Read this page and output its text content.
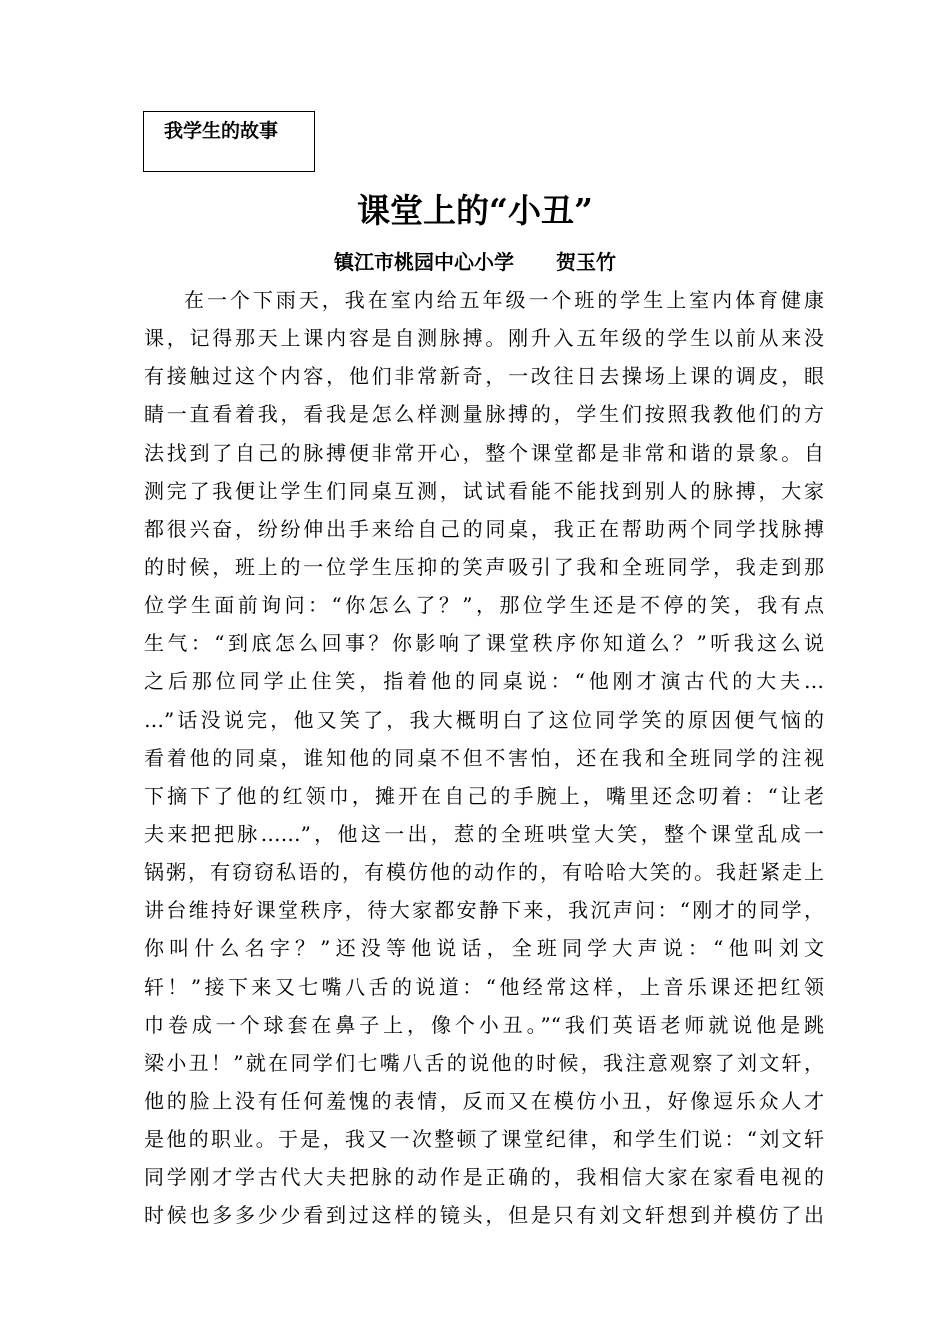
我学生的故事
课堂上的“小丑”
镇江市桃园中心小学 贺玉竹
在一个下雨天，我在室内给五年级一个班的学生上室内体育健康
课，记得那天上课内容是自测脉搏。刚升入五年级的学生以前从来没
有接触过这个内容，他们非常新奇，一改往日去操场上课的调皮，眼
睛一直看着我，看我是怎么样测量脉搏的，学生们按照我教他们的方
法找到了自己的脉搏便非常开心，整个课堂都是非常和谐的景象。自
测完了我便让学生们同桌互测，试试看能不能找到别人的脉搏，大家
都很兴奋，纷纷伸出手来给自己的同桌，我正在帮助两个同学找脉搏
的时候，班上的一位学生压抑的笑声吸引了我和全班同学，我走到那
位学生面前询问：“你怎么了？”，那位学生还是不停的笑，我有点
生气：“到底怎么回事？你影响了课堂秩序你知道么？”听我这么说
之后那位同学止住笑，指着他的同桌说：“他刚才演古代的大夫…
…”话没说完，他又笑了，我大概明白了这位同学笑的原因便气恼的
看着他的同桌，谁知他的同桌不但不害怕，还在我和全班同学的注视
下摘下了他的红领巾，摊开在自己的手腕上，嘴里还念叨着：“让老
夫来把把脉……”，他这一出，惹的全班哄堂大笑，整个课堂乱成一
锅粥，有窃窃私语的，有模仿他的动作的，有哈哈大笑的。我赶紧走上
讲台维持好课堂秩序，待大家都安静下来，我沉声问：“刚才的同学，
你叫什么名字？”还没等他说话，全班同学大声说：“他叫刘文
轩！”接下来又七嘴八舌的说道：“他经常这样，上音乐课还把红领
巾卷成一个球套在鼻子上，像个小丑。”“我们英语老师就说他是跳
梁小丑！”就在同学们七嘴八舌的说他的时候，我注意观察了刘文轩，
他的脸上没有任何羞愧的表情，反而又在模仿小丑，好像逗乐众人才
是他的职业。于是，我又一次整顿了课堂纪律，和学生们说：“刘文轩
同学刚才学古代大夫把脉的动作是正确的，我相信大家在家看电视的
时候也多多少少看到过这样的镜头，但是只有刘文轩想到并模仿了出
